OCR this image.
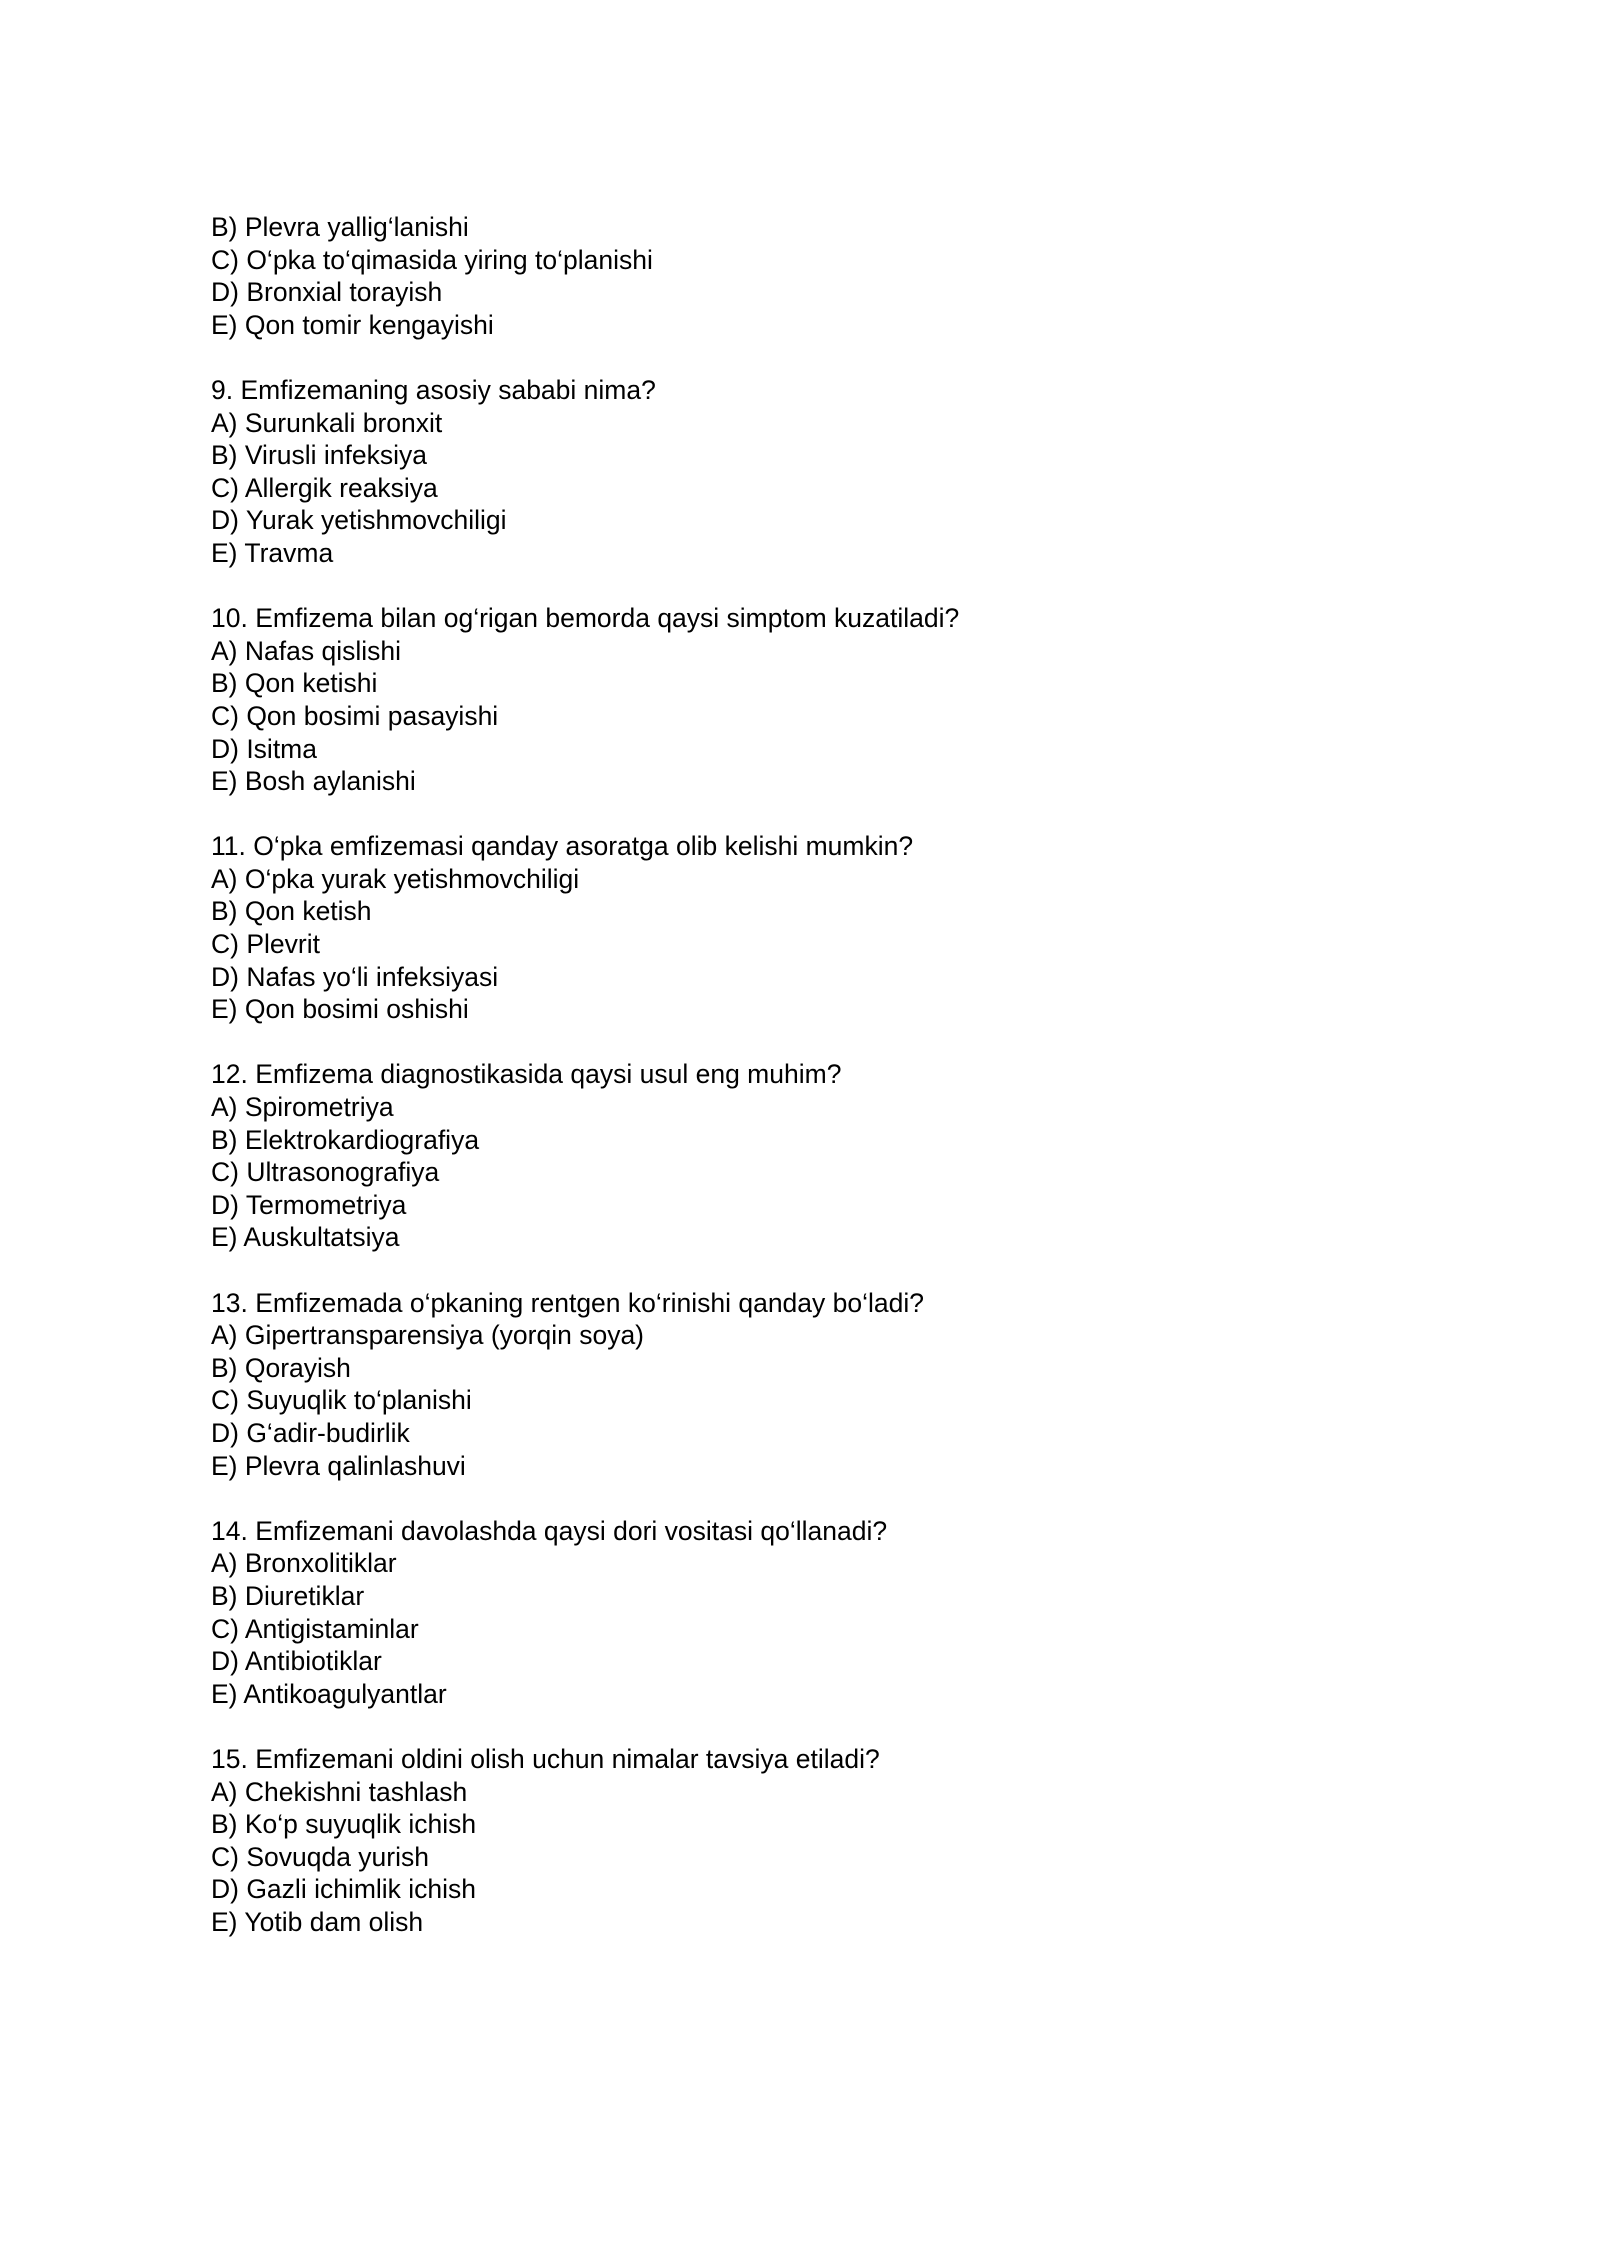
B) Plevra yallig‘lanishi
C) O‘pka to‘qimasida yiring to‘planishi
D) Bronxial torayish
E) Qon tomir kengayishi
9. Emfizemaning asosiy sababi nima?
A) Surunkali bronxit
B) Virusli infeksiya
C) Allergik reaksiya
D) Yurak yetishmovchiligi
E) Travma
10. Emfizema bilan og‘rigan bemorda qaysi simptom kuzatiladi?
A) Nafas qislishi
B) Qon ketishi
C) Qon bosimi pasayishi
D) Isitma
E) Bosh aylanishi
11. O‘pka emfizemasi qanday asoratga olib kelishi mumkin?
A) O‘pka yurak yetishmovchiligi
B) Qon ketish
C) Plevrit
D) Nafas yo‘li infeksiyasi
E) Qon bosimi oshishi
12. Emfizema diagnostikasida qaysi usul eng muhim?
A) Spirometriya
B) Elektrokardiografiya
C) Ultrasonografiya
D) Termometriya
E) Auskultatsiya
13. Emfizemada o‘pkaning rentgen ko‘rinishi qanday bo‘ladi?
A) Gipertransparensiya (yorqin soya)
B) Qorayish
C) Suyuqlik to‘planishi
D) G‘adir-budirlik
E) Plevra qalinlashuvi
14. Emfizemani davolashda qaysi dori vositasi qo‘llanadi?
A) Bronxolitiklar
B) Diuretiklar
C) Antigistaminlar
D) Antibiotiklar
E) Antikoagulyantlar
15. Emfizemani oldini olish uchun nimalar tavsiya etiladi?
A) Chekishni tashlash
B) Ko‘p suyuqlik ichish
C) Sovuqda yurish
D) Gazli ichimlik ichish
E) Yotib dam olish
